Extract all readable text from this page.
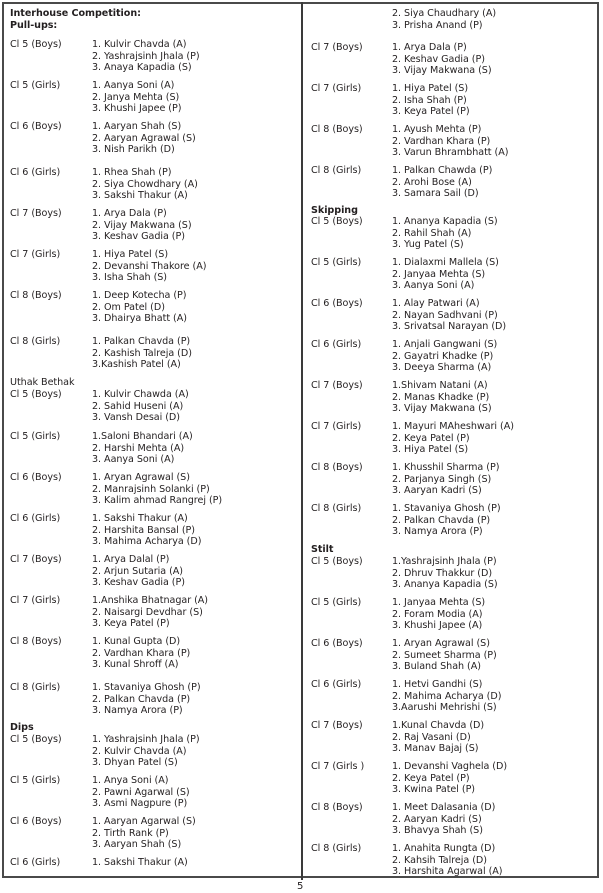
Interhouse Competition:
Pull-ups:
Cl 5 (Boys)	1. Kulvir Chavda (A)
2. Yashrajsinh Jhala (P)
3. Anaya Kapadia (S)
Cl 5 (Girls)	1. Aanya Soni (A)
2. Janya Mehta (S)
3. Khushi Japee (P)
Cl 6 (Boys)	1. Aaryan Shah (S)
2. Aaryan Agrawal (S)
3. Nish Parikh (D)
Cl 6 (Girls)	1. Rhea Shah (P)
2. Siya Chowdhary (A)
3. Sakshi Thakur (A)
Cl 7 (Boys)	1. Arya Dala (P)
2. Vijay Makwana (S)
3. Keshav Gadia (P)
Cl 7 (Girls)	1. Hiya Patel (S)
2. Devanshi Thakore (A)
3. Isha Shah (S)
Cl 8 (Boys)	1. Deep Kotecha (P)
2. Om Patel (D)
3. Dhairya Bhatt (A)
Cl 8 (Girls)	1. Palkan Chavda (P)
2. Kashish Talreja (D)
3.Kashish Patel (A)
Uthak Bethak
Cl 5 (Boys)	1. Kulvir Chawda (A)
2. Sahid Huseni (A)
3. Vansh Desai (D)
Cl 5 (Girls)	1.Saloni Bhandari (A)
2. Harshi Mehta (A)
3. Aanya Soni (A)
Cl 6 (Boys)	1. Aryan Agrawal (S)
2. Manrajsinh Solanki (P)
3. Kalim ahmad Rangrej (P)
Cl 6 (Girls)	1. Sakshi Thakur (A)
2. Harshita Bansal (P)
3. Mahima Acharya (D)
Cl 7 (Boys)	1. Arya Dalal (P)
2. Arjun Sutaria (A)
3. Keshav Gadia (P)
Cl 7 (Girls)	1.Anshika Bhatnagar (A)
2. Naisargi Devdhar (S)
3. Keya Patel (P)
Cl 8 (Boys)	1. Kunal Gupta (D)
2. Vardhan Khara (P)
3. Kunal Shroff (A)
Cl 8 (Girls)	1. Stavaniya Ghosh (P)
2. Palkan Chavda (P)
3. Namya Arora (P)
Dips
Cl 5 (Boys)	1. Yashrajsinh Jhala (P)
2. Kulvir Chavda (A)
3. Dhyan Patel (S)
Cl 5 (Girls)	1. Anya Soni (A)
2. Pawni Agarwal (S)
3. Asmi Nagpure (P)
Cl 6 (Boys)	1. Aaryan Agarwal (S)
2. Tirth Rank (P)
3. Aaryan Shah (S)
Cl 6 (Girls)	1. Sakshi Thakur (A)
2. Siya Chaudhary (A)
3. Prisha Anand (P)
Cl 7 (Boys)	1. Arya Dala (P)
2. Keshav Gadia (P)
3. Vijay Makwana (S)
Cl 7 (Girls)	1. Hiya Patel (S)
2. Isha Shah (P)
3. Keya Patel (P)
Cl 8 (Boys)	1. Ayush Mehta (P)
2. Vardhan Khara (P)
3. Varun Bhrambhatt (A)
Cl 8 (Girls)	1. Palkan Chawda (P)
2. Arohi Bose (A)
3. Samara Sail (D)
Skipping
Cl 5 (Boys)	1. Ananya Kapadia (S)
2. Rahil Shah (A)
3. Yug Patel (S)
Cl 5 (Girls)	1. Dialaxmi Mallela (S)
2. Janyaa Mehta (S)
3. Aanya Soni (A)
Cl 6 (Boys)	1. Alay Patwari (A)
2. Nayan Sadhvani (P)
3. Srivatsal Narayan (D)
Cl 6 (Girls)	1. Anjali Gangwani (S)
2. Gayatri Khadke (P)
3. Deeya Sharma (A)
Cl 7 (Boys)	1.Shivam Natani (A)
2. Manas Khadke (P)
3. Vijay Makwana (S)
Cl 7 (Girls)	1. Mayuri MAheshwari (A)
2. Keya Patel (P)
3. Hiya Patel (S)
Cl 8 (Boys)	1. Khusshil Sharma (P)
2. Parjanya Singh (S)
3. Aaryan Kadri (S)
Cl 8 (Girls)	1. Stavaniya Ghosh (P)
2. Palkan Chavda (P)
3. Namya Arora (P)
Stilt
Cl 5 (Boys)	1.Yashrajsinh Jhala (P)
2. Dhruv Thakkur (D)
3. Ananya Kapadia (S)
Cl 5 (Girls)	1. Janyaa Mehta (S)
2. Foram Modia (A)
3. Khushi Japee (A)
Cl 6 (Boys)	1. Aryan Agrawal (S)
2. Sumeet Sharma (P)
3. Buland Shah (A)
Cl 6 (Girls)	1. Hetvi Gandhi (S)
2. Mahima Acharya (D)
3.Aarushi Mehrishi (S)
Cl 7 (Boys)	1.Kunal Chavda (D)
2. Raj Vasani (D)
3. Manav Bajaj (S)
Cl 7 (Girls )	1. Devanshi Vaghela (D)
2. Keya Patel (P)
3. Kwina Patel (P)
Cl 8 (Boys)	1. Meet Dalasania (D)
2. Aaryan Kadri (S)
3. Bhavya Shah (S)
Cl 8 (Girls)	1. Anahita Rungta (D)
2. Kahsih Talreja (D)
3. Harshita Agarwal (A)
5
